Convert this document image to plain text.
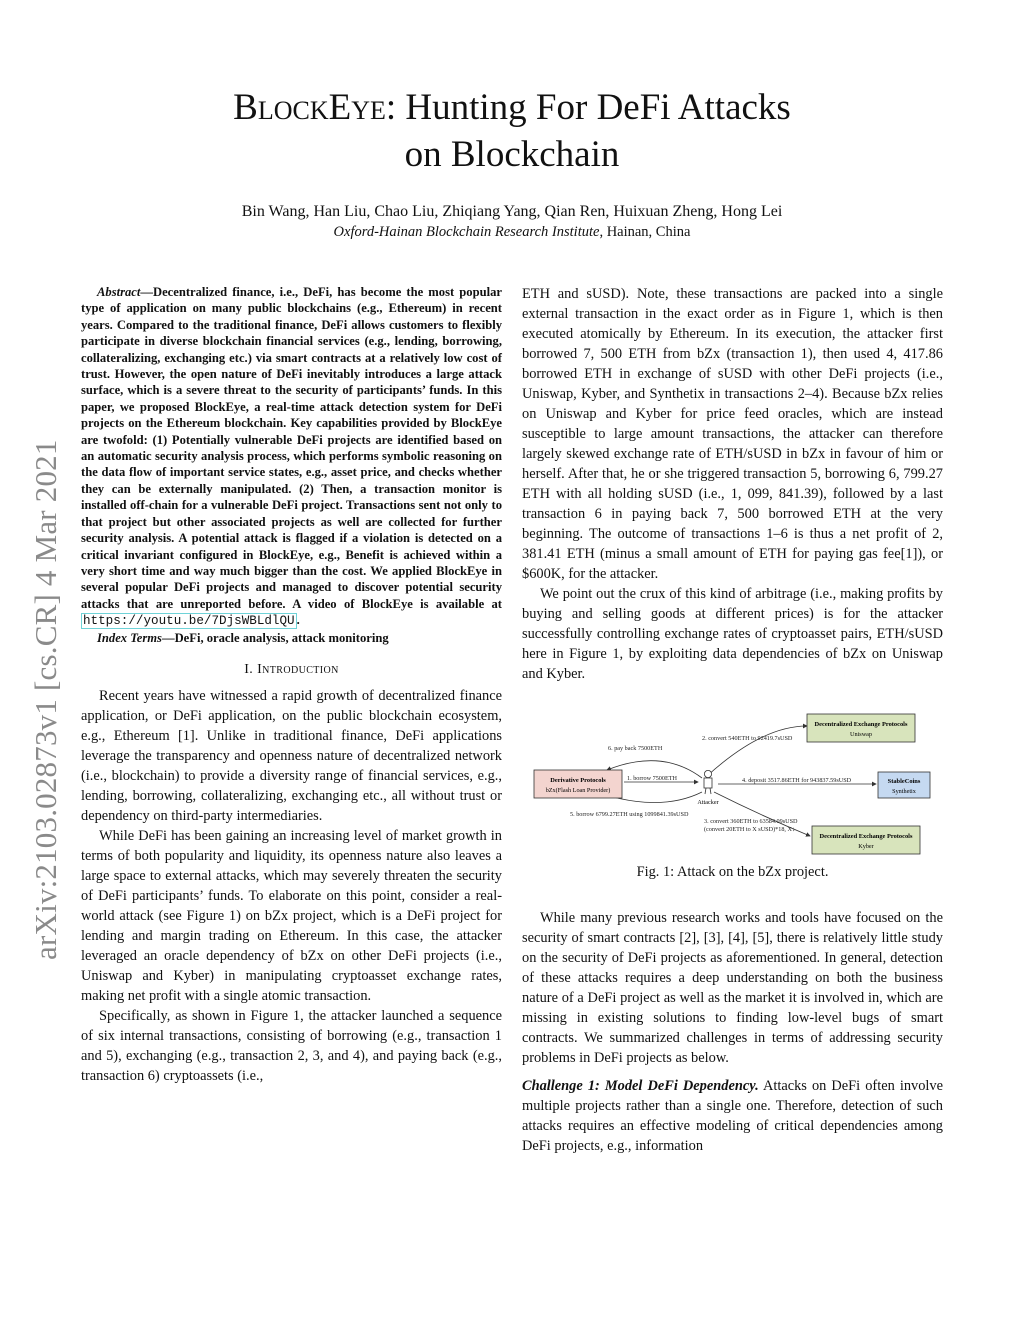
arXiv:2103.02873v1 [cs.CR] 4 Mar 2021
BlockEye: Hunting For DeFi Attacks
on Blockchain
Bin Wang, Han Liu, Chao Liu, Zhiqiang Yang, Qian Ren, Huixuan Zheng, Hong Lei
Oxford-Hainan Blockchain Research Institute, Hainan, China

Abstract—Decentralized finance, i.e., DeFi, has become the most popular type of application on many public blockchains (e.g., Ethereum) in recent years. Compared to the traditional finance, DeFi allows customers to flexibly participate in diverse blockchain financial services (e.g., lending, borrowing, collateralizing, exchanging etc.) via smart contracts at a relatively low cost of trust. However, the open nature of DeFi inevitably introduces a large attack surface, which is a severe threat to the security of participants’ funds. In this paper, we proposed BlockEye, a real-time attack detection system for DeFi projects on the Ethereum blockchain. Key capabilities provided by BlockEye are twofold: (1) Potentially vulnerable DeFi projects are identified based on an automatic security analysis process, which performs symbolic reasoning on the data flow of important service states, e.g., asset price, and checks whether they can be externally manipulated. (2) Then, a transaction monitor is installed off-chain for a vulnerable DeFi project. Transactions sent not only to that project but other associated projects as well are collected for further security analysis. A potential attack is flagged if a violation is detected on a critical invariant configured in BlockEye, e.g., Benefit is achieved within a very short time and way much bigger than the cost. We applied BlockEye in several popular DeFi projects and managed to discover potential security attacks that are unreported before. A video of BlockEye is available at https://youtu.be/7DjsWBLdlQU .

Index Terms—DeFi, oracle analysis, attack monitoring

I. Introduction

Recent years have witnessed a rapid growth of decentralized finance application, or DeFi application, on the public blockchain ecosystem, e.g., Ethereum [1]. Unlike in traditional finance, DeFi applications leverage the transparency and openness nature of decentralized network (i.e., blockchain) to provide a diversity range of financial services, e.g., lending, borrowing, collateralizing, exchanging etc., all without trust or dependency on third-party intermediaries.

While DeFi has been gaining an increasing level of market growth in terms of both popularity and liquidity, its openness nature also leaves a large space to external attacks, which may severely threaten the security of DeFi participants’ funds. To elaborate on this point, consider a real-world attack (see Figure 1) on bZx project, which is a DeFi project for lending and margin trading on Ethereum. In this case, the attacker leveraged an oracle dependency of bZx on other DeFi projects (i.e., Uniswap and Kyber) in manipulating cryptoasset exchange rates, making net profit with a single atomic transaction.

Specifically, as shown in Figure 1, the attacker launched a sequence of six internal transactions, consisting of borrowing (e.g., transaction 1 and 5), exchanging (e.g., transaction 2, 3, and 4), and paying back (e.g., transaction 6) cryptoassets (i.e.,

ETH and sUSD). Note, these transactions are packed into a single external transaction in the exact order as in Figure 1, which is then executed atomically by Ethereum. In its execution, the attacker first borrowed 7, 500 ETH from bZx (transaction 1), then used 4, 417.86 borrowed ETH in exchange of sUSD with other DeFi projects (i.e., Uniswap, Kyber, and Synthetix in transactions 2–4). Because bZx relies on Uniswap and Kyber for price feed oracles, which are instead susceptible to large amount transactions, the attacker can therefore largely skewed exchange rate of ETH/sUSD in bZx in favour of him or herself. After that, he or she triggered transaction 5, borrowing 6, 799.27 ETH with all holding sUSD (i.e., 1, 099, 841.39), followed by a last transaction 6 in paying back 7, 500 borrowed ETH at the very beginning. The outcome of transactions 1–6 is thus a net profit of 2, 381.41 ETH (minus a small amount of ETH for paying gas fee[1]), or $600K, for the attacker.

We point out the crux of this kind of arbitrage (i.e., making profits by buying and selling goods at different prices) is for the attacker successfully controlling exchange rates of cryptoasset pairs, ETH/sUSD here in Figure 1, by exploiting data dependencies of bZx on Uniswap and Kyber.

6. pay back 7500ETH
2. convert 540ETH to 92419.7sUSD
1. borrow 7500ETH	4. deposit 3517.86ETH for 943837.59sUSD
5. borrow 6799.27ETH using 1099841.39sUSD
3. convert 360ETH to 63584.09sUSD
(convert 20ETH to X sUSD)*18, X↓
Derivative Protocols
bZx(Flash Loan Provider)
Decentralized Exchange Protocols
Uniswap
StableCoins
Synthetix
Decentralized Exchange Protocols
Kyber
Attacker
Fig. 1: Attack on the bZx project.

While many previous research works and tools have focused on the security of smart contracts [2], [3], [4], [5], there is relatively little study on the security of DeFi projects as aforementioned. In general, detection of these attacks requires a deep understanding on both the business nature of a DeFi project as well as the market it is involved in, which are missing in existing solutions to finding low-level bugs of smart contracts. We summarized challenges in terms of addressing security problems in DeFi projects as below.

Challenge 1: Model DeFi Dependency. Attacks on DeFi often involve multiple projects rather than a single one. Therefore, detection of such attacks requires an effective modeling of critical dependencies among DeFi projects, e.g., information
